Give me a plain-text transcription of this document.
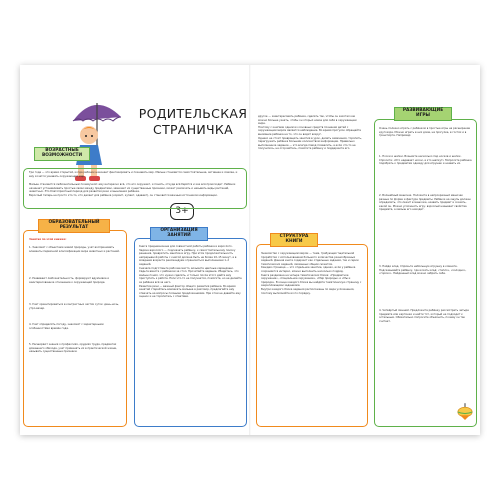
РОДИТЕЛЬСКАЯ
СТРАНИЧКА
3+
ВОЗРАСТНЫЕ
ВОЗМОЖНОСТИ
Три года — это время открытий, когда ребёнок начинает фантазировать и познавать мир. Малыш становится самостоятельнее, активнее и смелее, и ему хочется узнавать окружающий мир.
Малыш становится любознательным почемучкой: ему интересно всё, что его окружает, и понять, откуда всё берётся и как всё происходит. Ребёнок начинает устанавливать простые связи между предметами, замечает их существенные признаки, может различать и называть виды растений, животных. Это благоприятный период для развития речи и мышления ребёнка.
Взрослый теперь не просто кто-то, кто делает для ребёнка (кормит, купает, одевает), он становится важным источником информации.
ОБРАЗОВАТЕЛЬНЫЙ
РЕЗУЛЬТАТ
Занятия по этой книжке:
1. Знакомят с объектами живой природы, учат воспринимать элементы первичной классификации мира животных и растений.
2. Развивают любознательность, формируют вдумчивое и заинтересованное отношение к окружающей природе.
3. Учат ориентироваться в контрастных частях суток: день-ночь, утро-вечер.
4. Учат определять погоду, знакомят с характерными особенностями времён года.
5. Расширяют знания о профессиях, орудиях труда, предметах домашнего обихода, учат применять их в практической жизни, называть существенные признаки.
ОРГАНИЗАЦИЯ
ЗАНЯТИЙ
Книга предназначена для совместной работы ребёнка и взрослого. Задача взрослого — подсказать ребёнку, к самостоятельному поиску решения, превратить занятие в игру. При этом продолжительность непрерывной работы с книгой должна быть не более 10–15 минут, а в младшем возрасте рекомендуем ограничиться выполнением 1–2 заданий.
Сначала подготовьте рабочее место, возьмите цветные карандаши. Сядьте вместе с ребёнком за стол. Прочитайте задание. Убедитесь, что малыш понял, что нужно сделать, и только после этого дайте ему приступить к работе. Если что-то не получается, помогите, но не делайте за ребёнка всё за него.
Развитие речи — важный фактор общего развития ребёнка. Во время занятий старайтесь вовлекать малыша в разговор, предлагайте ему отвечать на вопросы полными предложениями. При этом не давайте ему оценок и не торопитесь с ответами.
другое — заинтересовать ребёнка, сделать так, чтобы он захотел как можно больше узнать, чтобы он открыл новое для себя в окружающем мире.
Поэтому с книгами одним из основных средств познания детей с окружающим миром является наблюдение. Во время прогулок обращайте внимание ребёнка на то, что он видит вокруг.
Однако не стоит превращать занятия в урок, делать замечания, торопить, перегружать ребёнка большим количеством информации. Правильно выполненное задание — это всегда повод похвалить, а если что-то не получилось, не огорчайтесь, помогите ребёнку и поддержите его.
РАЗВИВАЮЩИЕ
ИГРЫ
Очень полезно играть с ребёнком в простые игры на расширение кругозора. Можно играть в них дома, на прогулке, в гостях и в транспорте. Например:
1. Носки и шапки. Возьмите несколько пар носков и шапок. Спросите: «Кто надевает носки, а кто шапку?» Попросите ребёнка подобрать к предметам одежду для игрушек и назвать их.
2. Волшебный мешочек. Положите в непрозрачный мешочек разные по форме и фактуре предметы. Ребёнок на ощупь должен определить, что лежит в мешочке, назвать предмет и сказать, какой он. Можно усложнить игру: взрослый называет свойства предмета, а малыш его находит.
3. Найди клад. Спрячьте небольшую игрушку в комнате. Подсказывайте ребёнку, где искать клад: «тепло», «холодно», «горячо». Найденный клад можно забрать себе.
4. Четвёртый лишний. Предложите ребёнку рассмотреть четыре предмета или картинки и найти тот, который не подходит к остальным. Обязательно попросите объяснить, почему он так считает.
СТРУКТУРА
КНИГИ
Знакомство с окружающим миром — тема, требующая тщательной проработки с использованием большого количества разнообразных заданий. Данная книга содержит как отдельные задания, так и серии тематических заданий, связанных общим сюжетом.
Каждая страница — это отдельное занятие, однако, если у ребёнка сохраняется интерес, можно выполнить несколько подряд.
Книга разделена на четыре тематических блока: «Предметное окружение», «Социальное окружение», «Мир природы» и «Мы и природа». В конце каждого блока вы найдёте тематическую страницу с закрепляющими заданиями.
Внутри каждого блока задания расположены по мере усложнения, поэтому выполняйте их по порядку.
